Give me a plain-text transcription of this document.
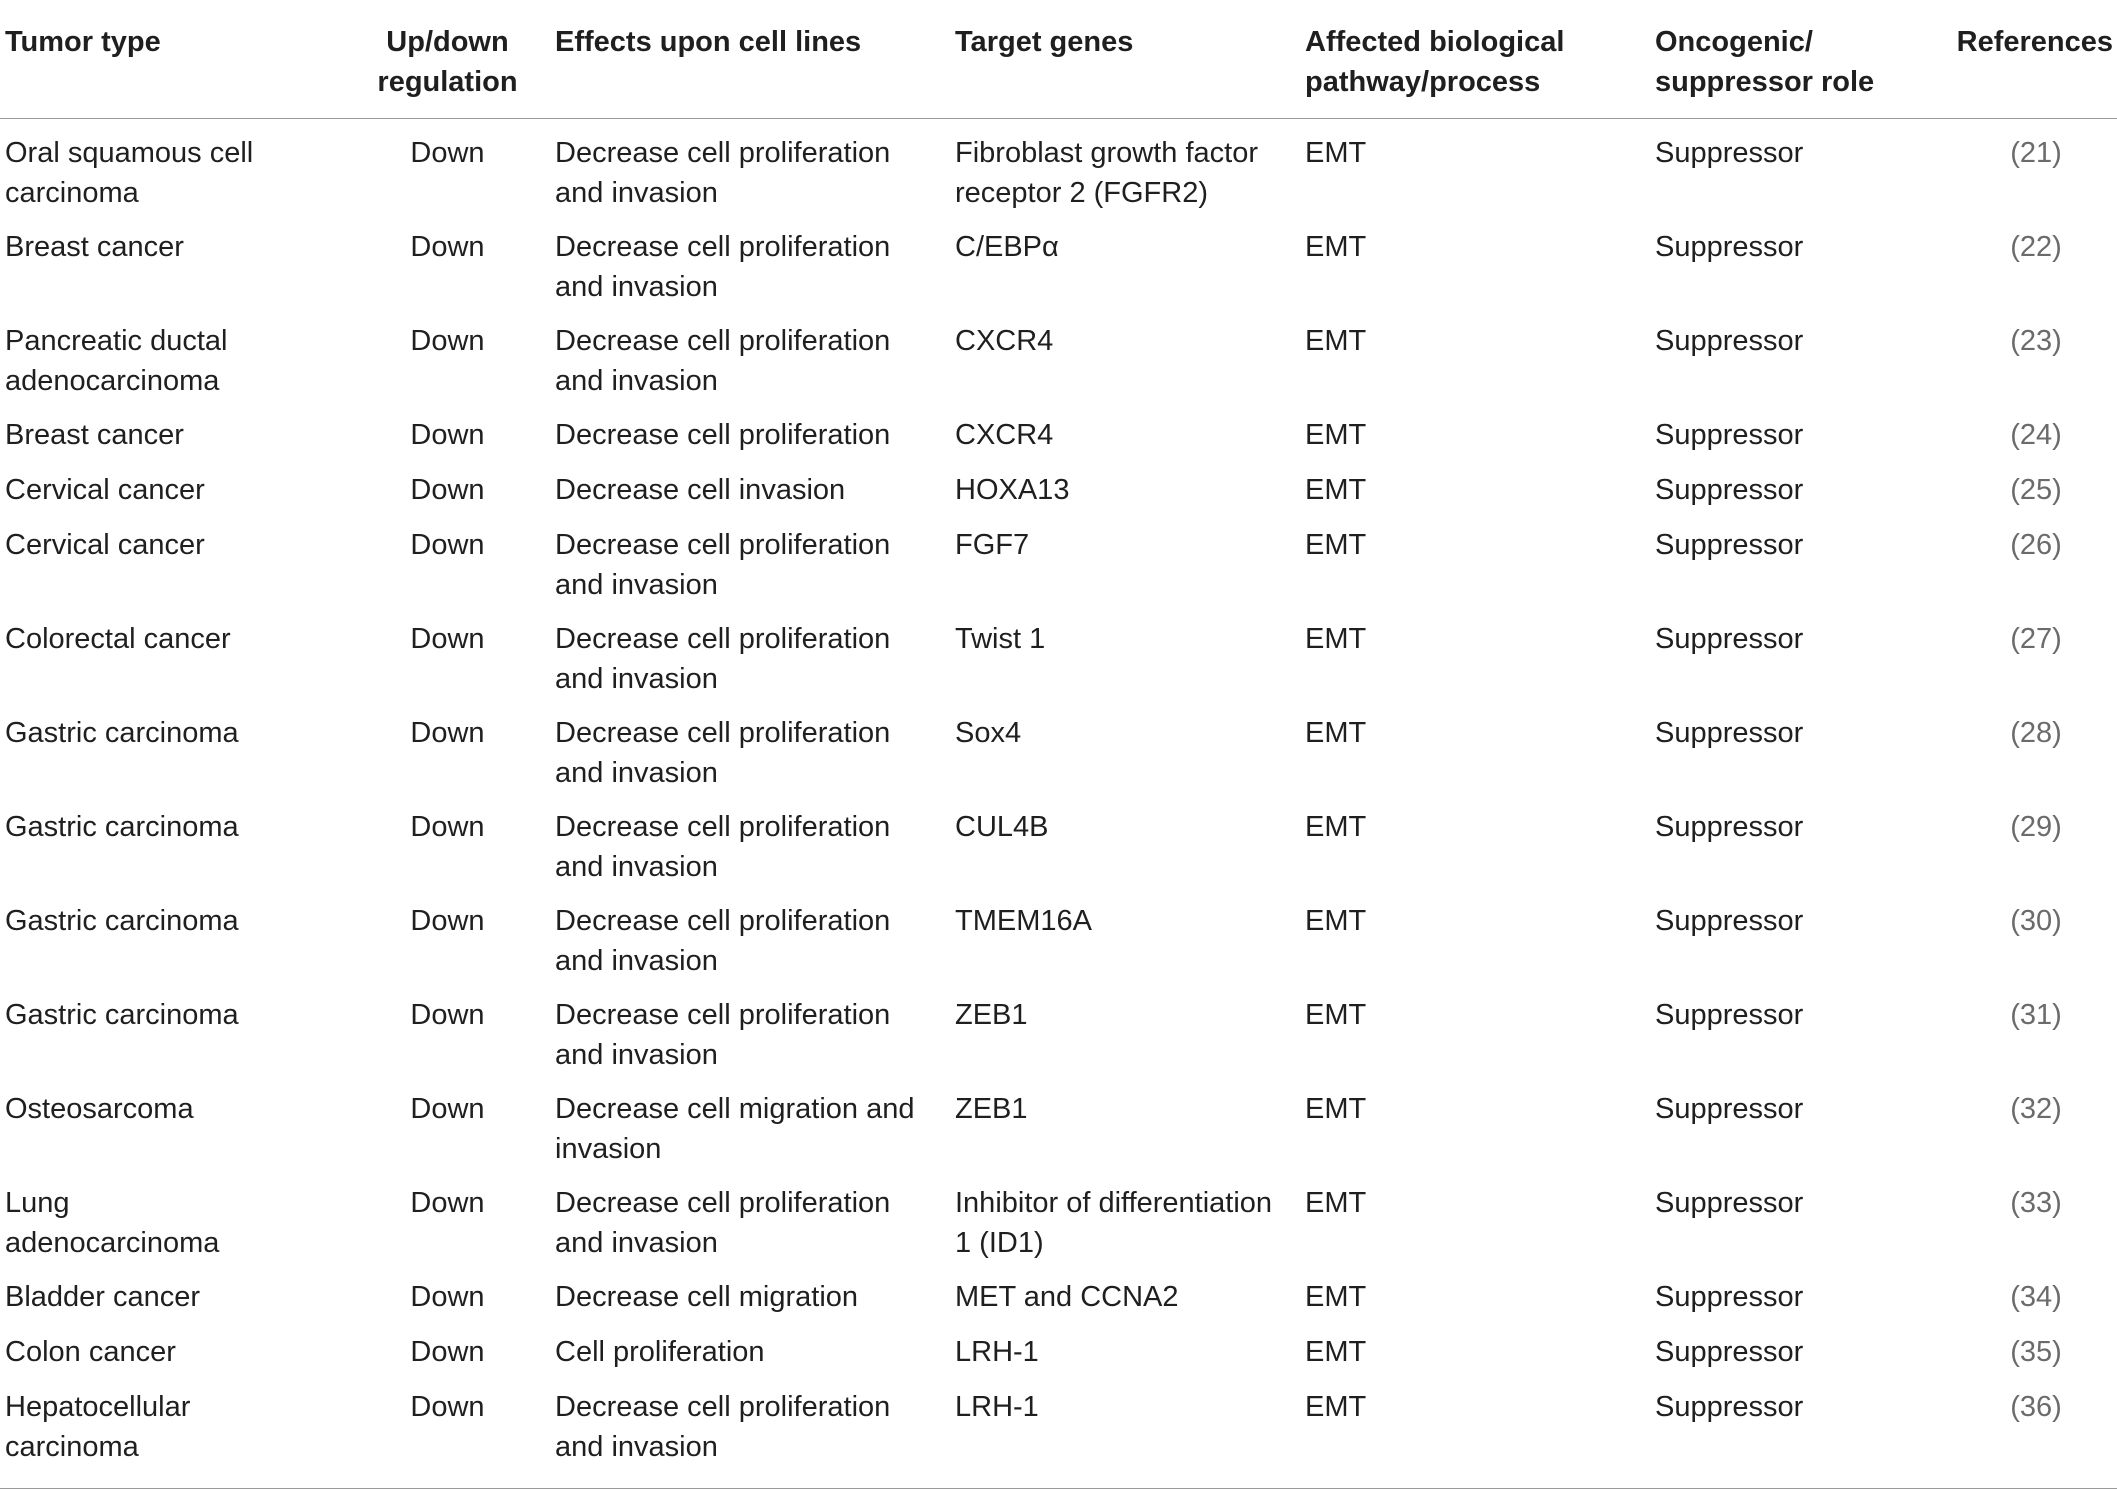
Tumor type	Up/down regulation	Effects upon cell lines	Target genes	Affected biological pathway/process	Oncogenic/ suppressor role	References

Oral squamous cell carcinoma	Down	Decrease cell proliferation and invasion	Fibroblast growth factor receptor 2 (FGFR2)	EMT	Suppressor	(21)

Breast cancer	Down	Decrease cell proliferation and invasion	C/EBPα	EMT	Suppressor	(22)

Pancreatic ductal adenocarcinoma	Down	Decrease cell proliferation and invasion	CXCR4	EMT	Suppressor	(23)

Breast cancer	Down	Decrease cell proliferation	CXCR4	EMT	Suppressor	(24)

Cervical cancer	Down	Decrease cell invasion	HOXA13	EMT	Suppressor	(25)

Cervical cancer	Down	Decrease cell proliferation and invasion	FGF7	EMT	Suppressor	(26)

Colorectal cancer	Down	Decrease cell proliferation and invasion	Twist 1	EMT	Suppressor	(27)

Gastric carcinoma	Down	Decrease cell proliferation and invasion	Sox4	EMT	Suppressor	(28)

Gastric carcinoma	Down	Decrease cell proliferation and invasion	CUL4B	EMT	Suppressor	(29)

Gastric carcinoma	Down	Decrease cell proliferation and invasion	TMEM16A	EMT	Suppressor	(30)

Gastric carcinoma	Down	Decrease cell proliferation and invasion	ZEB1	EMT	Suppressor	(31)

Osteosarcoma	Down	Decrease cell migration and invasion	ZEB1	EMT	Suppressor	(32)

Lung adenocarcinoma	Down	Decrease cell proliferation and invasion	Inhibitor of differentiation 1 (ID1)	EMT	Suppressor	(33)

Bladder cancer	Down	Decrease cell migration	MET and CCNA2	EMT	Suppressor	(34)

Colon cancer	Down	Cell proliferation	LRH-1	EMT	Suppressor	(35)

Hepatocellular carcinoma	Down	Decrease cell proliferation and invasion	LRH-1	EMT	Suppressor	(36)
